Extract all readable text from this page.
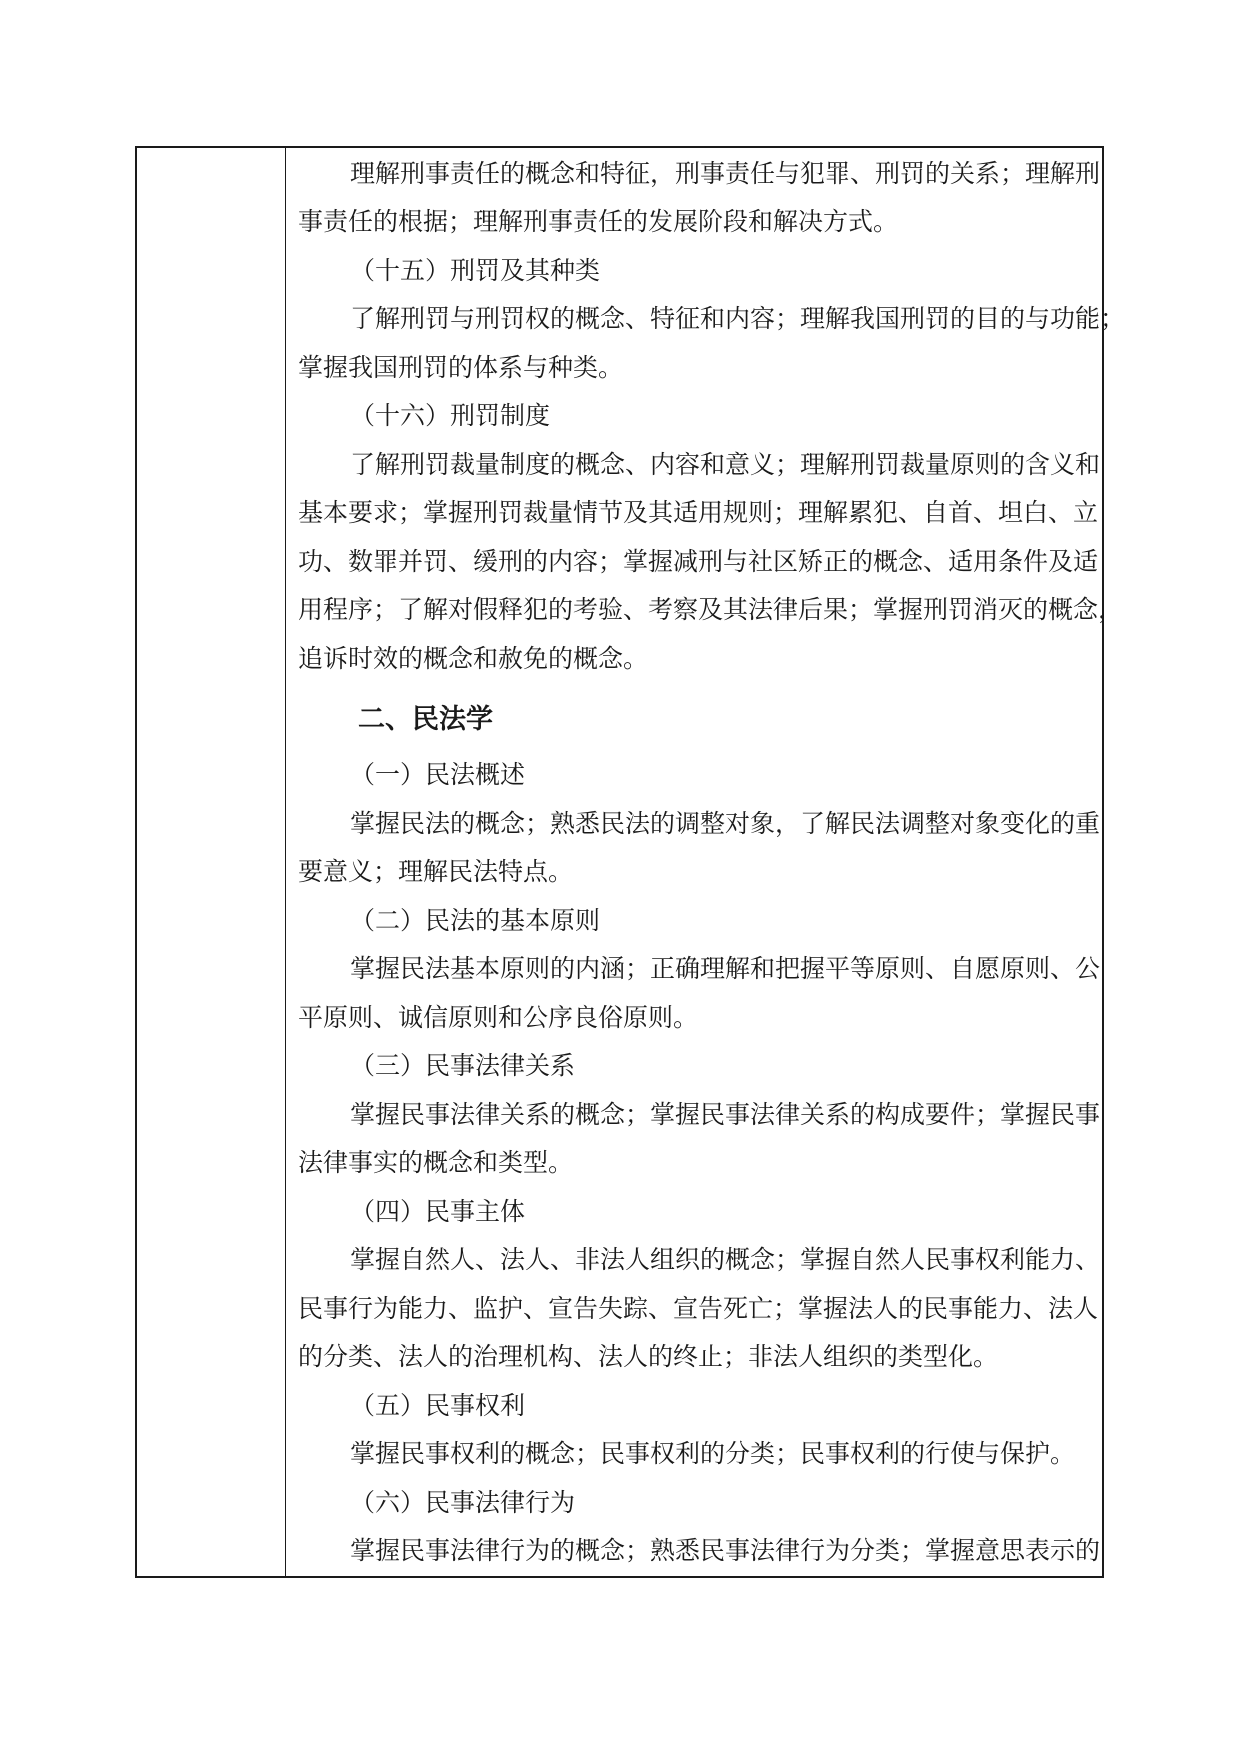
理解刑事责任的概念和特征，刑事责任与犯罪、刑罚的关系；理解刑
事责任的根据；理解刑事责任的发展阶段和解决方式。
（十五）刑罚及其种类
了解刑罚与刑罚权的概念、特征和内容；理解我国刑罚的目的与功能；
掌握我国刑罚的体系与种类。
（十六）刑罚制度
了解刑罚裁量制度的概念、内容和意义；理解刑罚裁量原则的含义和
基本要求；掌握刑罚裁量情节及其适用规则；理解累犯、自首、坦白、立
功、数罪并罚、缓刑的内容；掌握减刑与社区矫正的概念、适用条件及适
用程序；了解对假释犯的考验、考察及其法律后果；掌握刑罚消灭的概念，
追诉时效的概念和赦免的概念。
二、民法学
（一）民法概述
掌握民法的概念；熟悉民法的调整对象，了解民法调整对象变化的重
要意义；理解民法特点。
（二）民法的基本原则
掌握民法基本原则的内涵；正确理解和把握平等原则、自愿原则、公
平原则、诚信原则和公序良俗原则。
（三）民事法律关系
掌握民事法律关系的概念；掌握民事法律关系的构成要件；掌握民事
法律事实的概念和类型。
（四）民事主体
掌握自然人、法人、非法人组织的概念；掌握自然人民事权利能力、
民事行为能力、监护、宣告失踪、宣告死亡；掌握法人的民事能力、法人
的分类、法人的治理机构、法人的终止；非法人组织的类型化。
（五）民事权利
掌握民事权利的概念；民事权利的分类；民事权利的行使与保护。
（六）民事法律行为
掌握民事法律行为的概念；熟悉民事法律行为分类；掌握意思表示的
